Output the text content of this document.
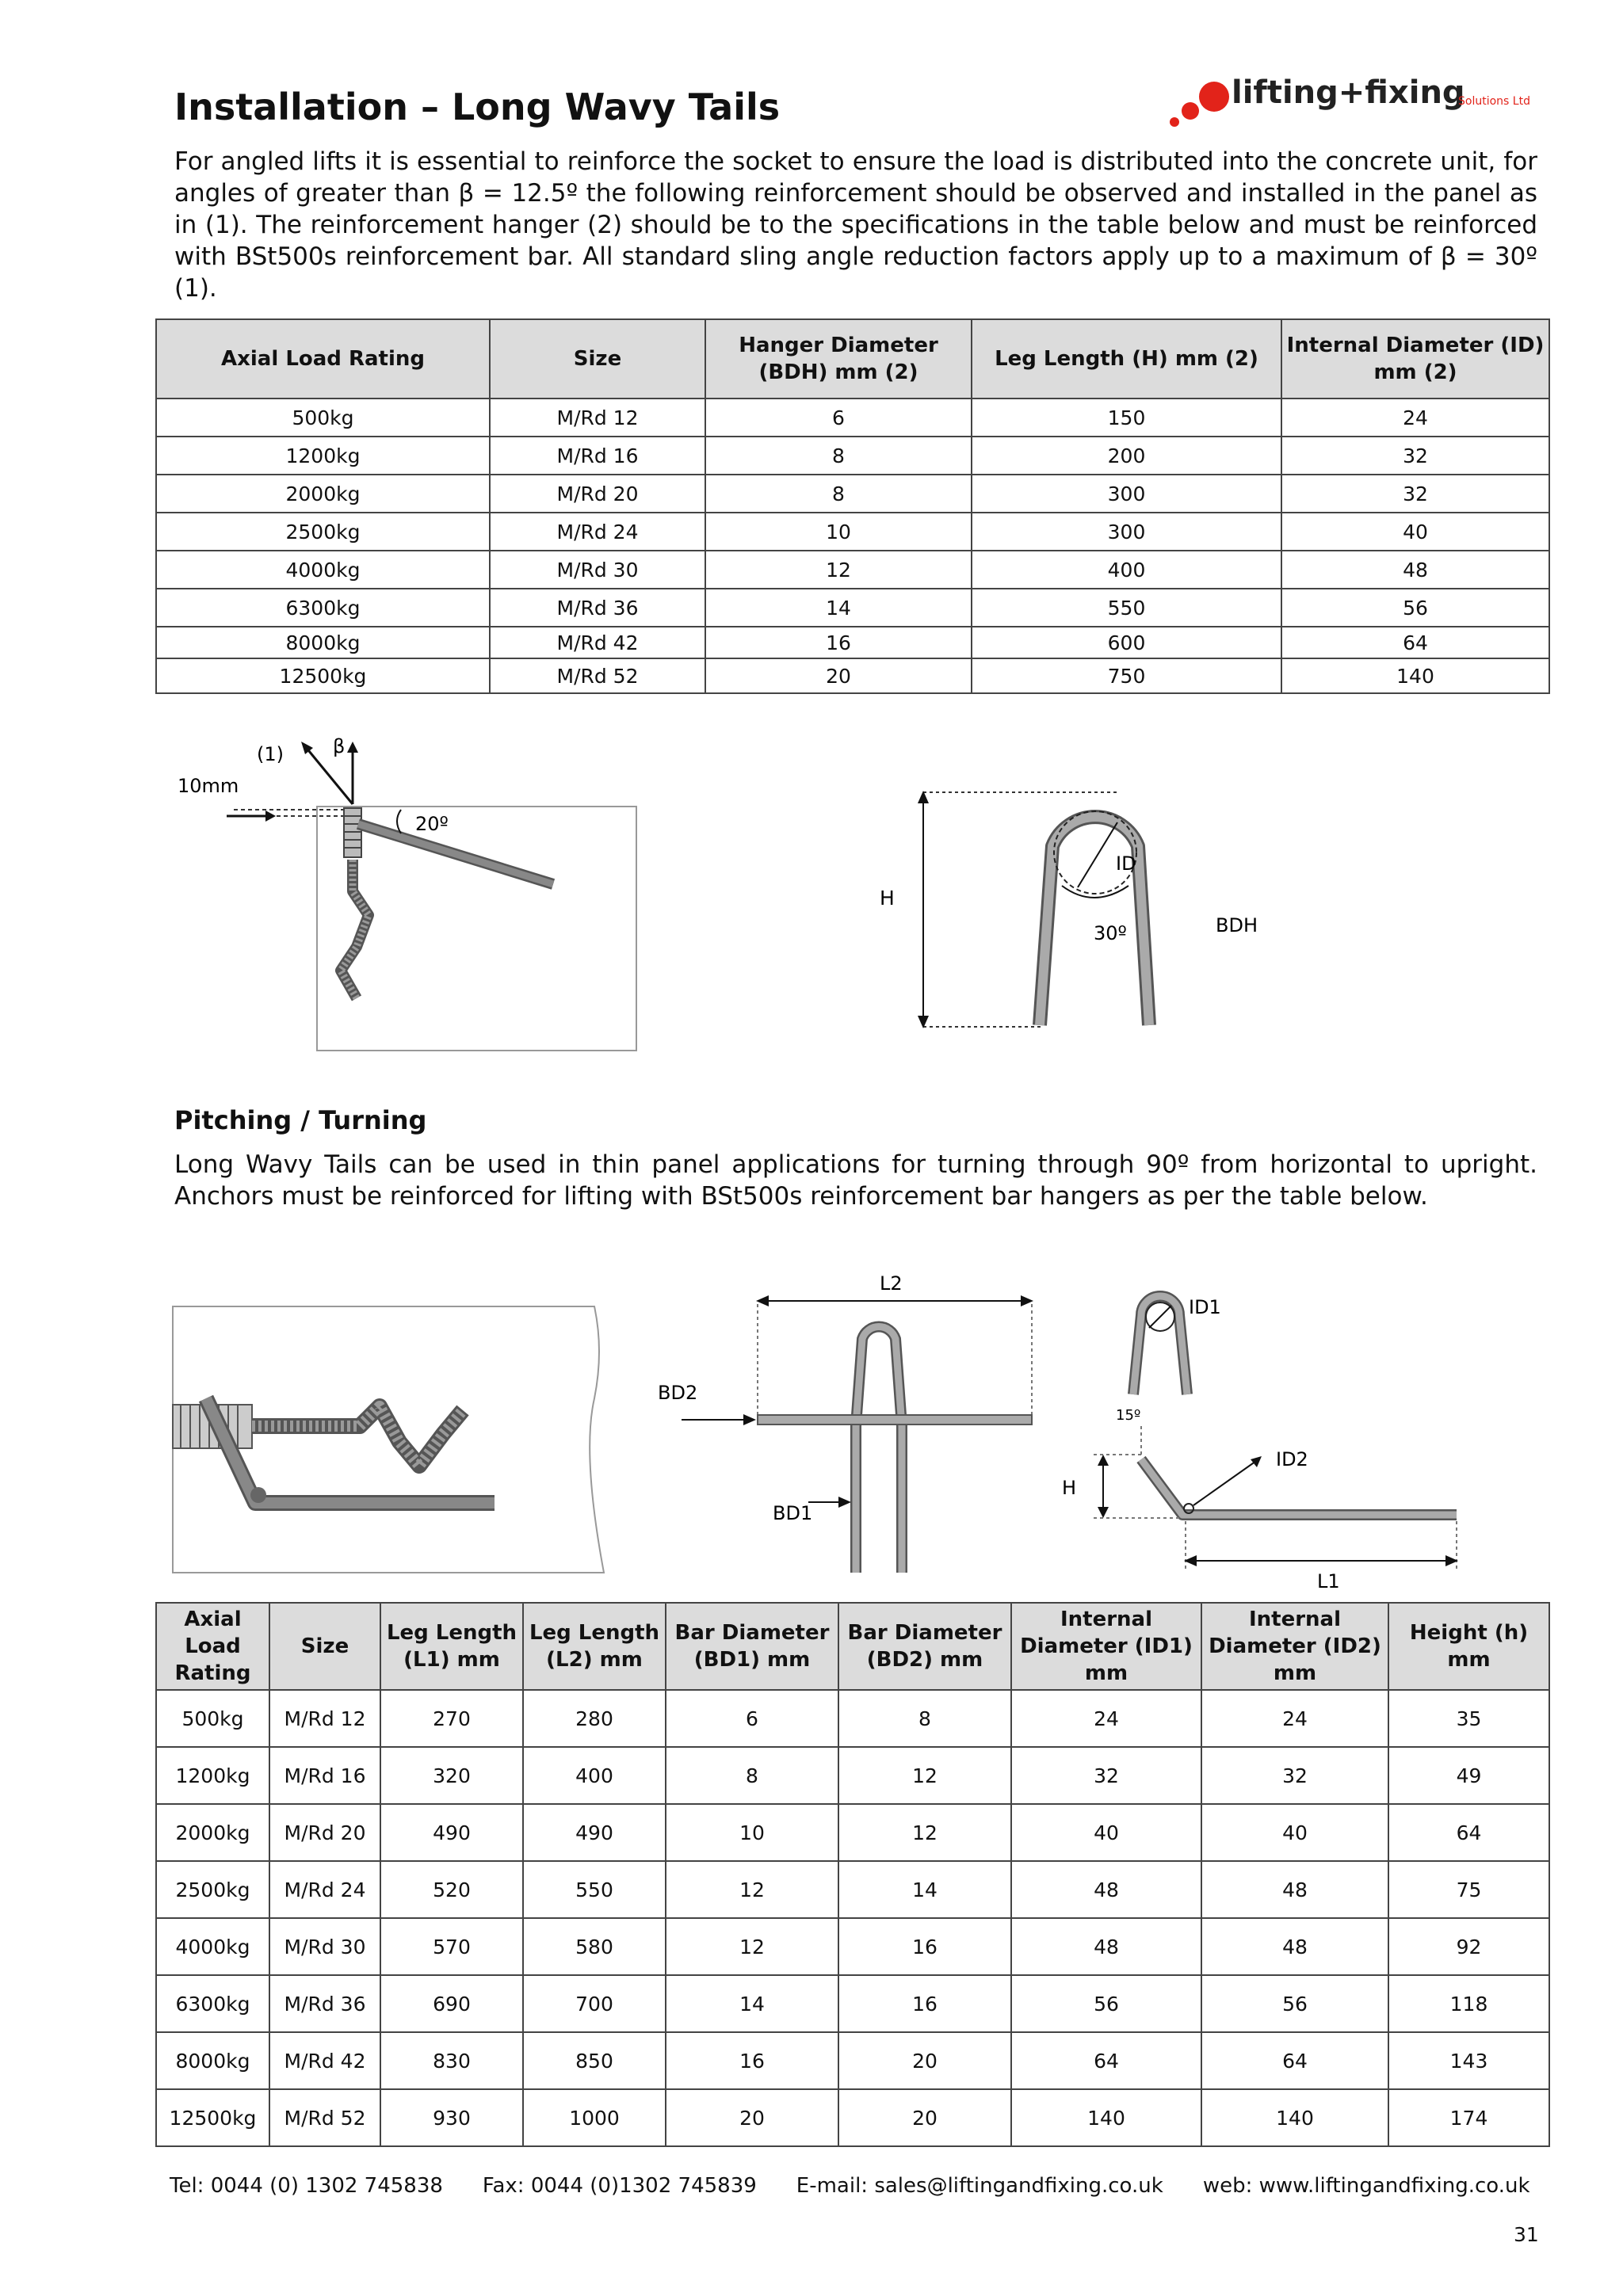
Installation – Long Wavy Tails	lifting+fixing
Solutions Ltd
For angled lifts it is essential to reinforce the socket to ensure the load is distributed into the concrete unit, for angles of greater than β = 12.5º the following reinforcement should be observed and installed in the panel as in (1). The reinforcement hanger (2) should be to the specifications in the table below and must be reinforced with BSt500s reinforcement bar. All standard sling angle reduction factors apply up to a maximum of β = 30º (1).
Axial Load Rating	Size	Hanger Diameter (BDH) mm (2)	Leg Length (H) mm (2)	Internal Diameter (ID) mm (2)
500kg	M/Rd 12	6	150	24
1200kg	M/Rd 16	8	200	32
2000kg	M/Rd 20	8	300	32
2500kg	M/Rd 24	10	300	40
4000kg	M/Rd 30	12	400	48
6300kg	M/Rd 36	14	550	56
8000kg	M/Rd 42	16	600	64
12500kg	M/Rd 52	20	750	140
10mm
(1)	β
20º
H
ID
30º	BDH
Pitching / Turning
Long Wavy Tails can be used in thin panel applications for turning through 90º from horizontal to upright. Anchors must be reinforced for lifting with BSt500s reinforcement bar hangers as per the table below.
L2
BD2
BD1
ID1
15º
ID2
H
L1
Axial Load Rating	Size	Leg Length (L1) mm	Leg Length (L2) mm	Bar Diameter (BD1) mm	Bar Diameter (BD2) mm	Internal Diameter (ID1) mm	Internal Diameter (ID2) mm	Height (h) mm
500kg	M/Rd 12	270	280	6	8	24	24	35
1200kg	M/Rd 16	320	400	8	12	32	32	49
2000kg	M/Rd 20	490	490	10	12	40	40	64
2500kg	M/Rd 24	520	550	12	14	48	48	75
4000kg	M/Rd 30	570	580	12	16	48	48	92
6300kg	M/Rd 36	690	700	14	16	56	56	118
8000kg	M/Rd 42	830	850	16	20	64	64	143
12500kg	M/Rd 52	930	1000	20	20	140	140	174
Tel: 0044 (0) 1302 745838 Fax: 0044 (0)1302 745839 E-mail: sales@liftingandfixing.co.uk web: www.liftingandfixing.co.uk
31
